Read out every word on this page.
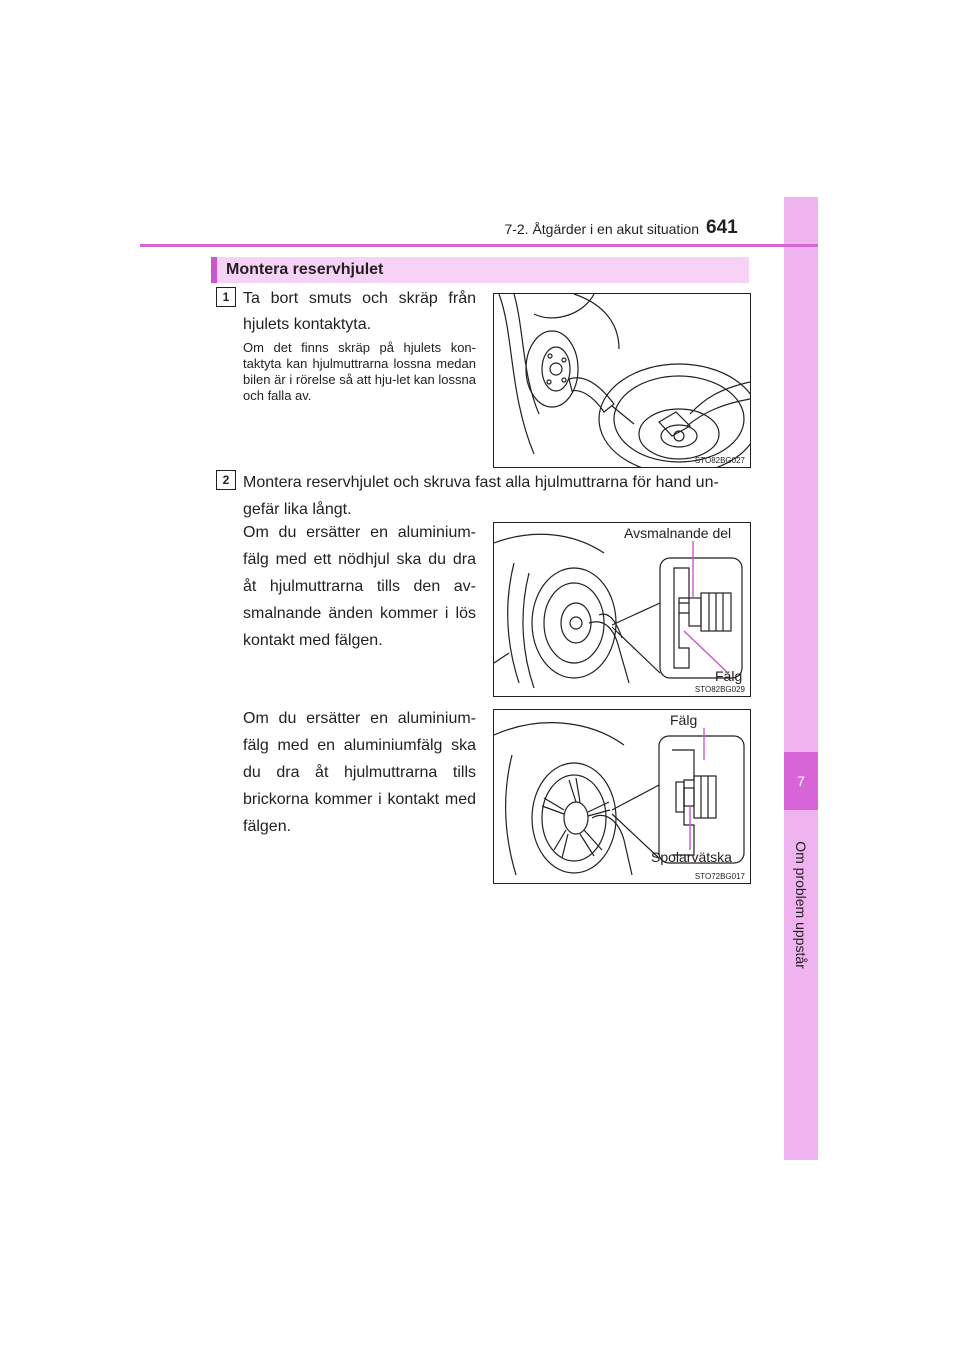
7
Om problem uppstår
7-2. Åtgärder i en akut situation 641
Montera reservhjulet
1 Ta bort smuts och skräp från hjulets kontaktyta.
Om det finns skräp på hjulets kon-taktyta kan hjulmuttrarna lossna medan bilen är i rörelse så att hju-let kan lossna och falla av.
STO82BG027
2 Montera reservhjulet och skruva fast alla hjulmuttrarna för hand un-gefär lika långt.
Om du ersätter en aluminium-fälg med ett nödhjul ska du dra åt hjulmuttrarna tills den av-smalnande änden kommer i lös kontakt med fälgen.
Avsmalnande del
Fälg
STO82BG029
Om du ersätter en aluminium-fälg med en aluminiumfälg ska du dra åt hjulmuttrarna tills brickorna kommer i kontakt med fälgen.
Fälg
Spolarvätska
STO72BG017
